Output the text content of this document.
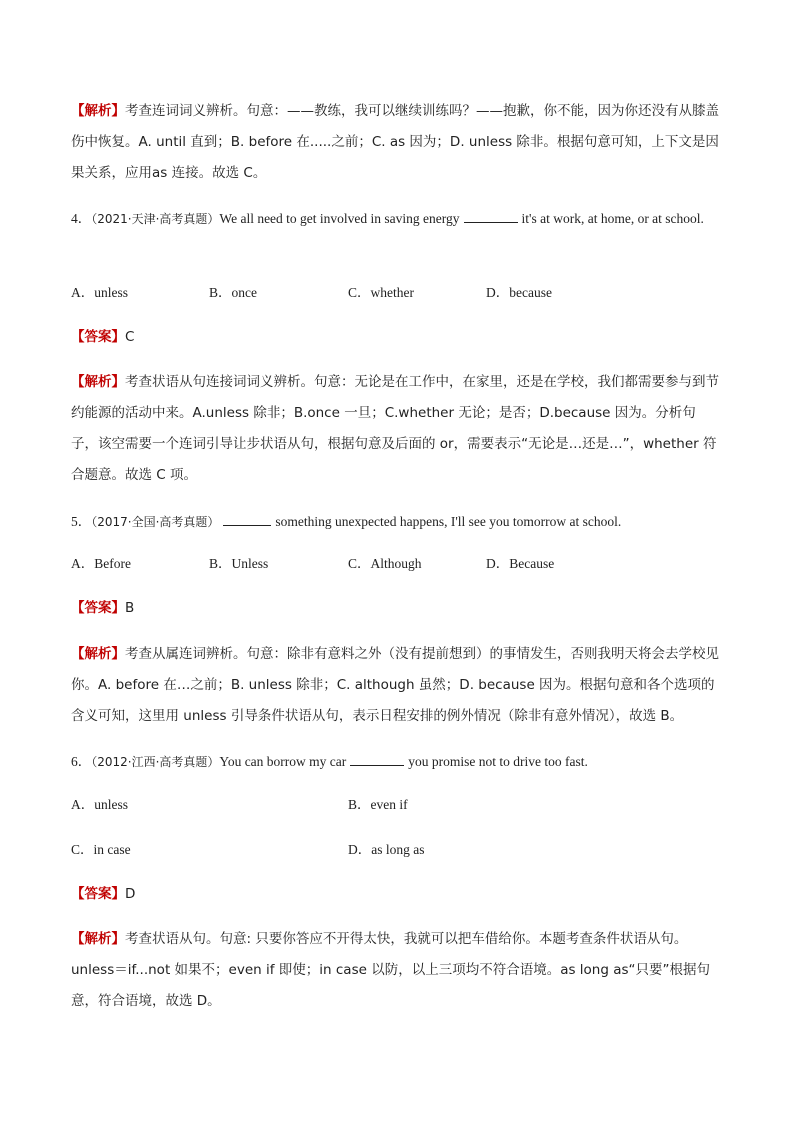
【解析】考查连词词义辨析。句意：——教练，我可以继续训练吗？——抱歉，你不能，因为你还没有从膝盖伤中恢复。A. until 直到；B. before 在.....之前；C. as 因为；D. unless 除非。根据句意可知，上下文是因果关系，应用as 连接。故选 C。
4．（2021·天津·高考真题）We all need to get involved in saving energy	it's at work, at home, or at school.
A．unless	B．once	C．whether	D．because
【答案】C
【解析】考查状语从句连接词词义辨析。句意：无论是在工作中，在家里，还是在学校，我们都需要参与到节约能源的活动中来。A.unless 除非；B.once 一旦；C.whether 无论；是否；D.because 因为。分析句子，该空需要一个连词引导让步状语从句，根据句意及后面的 or，需要表示“无论是…还是…”，whether 符合题意。故选 C 项。
5．（2017·全国·高考真题）	something unexpected happens, I'll see you tomorrow at school.
A．Before	B．Unless	C．Although	D．Because
【答案】B
【解析】考查从属连词辨析。句意：除非有意料之外（没有提前想到）的事情发生，否则我明天将会去学校见你。A. before 在…之前；B. unless 除非；C. although 虽然；D. because 因为。根据句意和各个选项的含义可知，这里用 unless 引导条件状语从句，表示日程安排的例外情况（除非有意外情况），故选 B。
6．（2012·江西·高考真题）You can borrow my car	you promise not to drive too fast.
A．unless	B．even if
C．in case	D．as long as
【答案】D
【解析】考查状语从句。句意: 只要你答应不开得太快，我就可以把车借给你。本题考查条件状语从句。unless＝if...not 如果不；even if 即使；in case 以防，以上三项均不符合语境。as long as“只要”根据句意，符合语境，故选 D。
